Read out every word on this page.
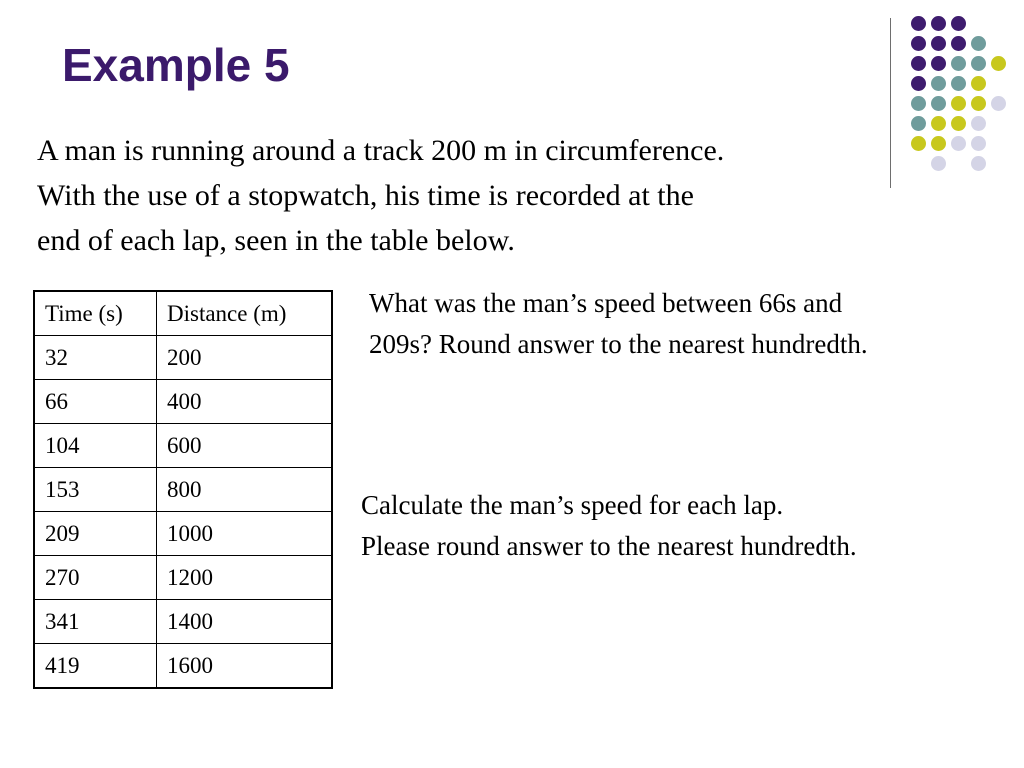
Example 5

A man is running around a track 200 m in circumference.
With the use of a stopwatch, his time is recorded at the
end of each lap, seen in the table below.

Time (s)	Distance (m)
32	200
66	400
104	600
153	800
209	1000
270	1200
341	1400
419	1600

What was the man’s speed between 66s and
209s? Round answer to the nearest hundredth.

Calculate the man’s speed for each lap.
Please round answer to the nearest hundredth.
